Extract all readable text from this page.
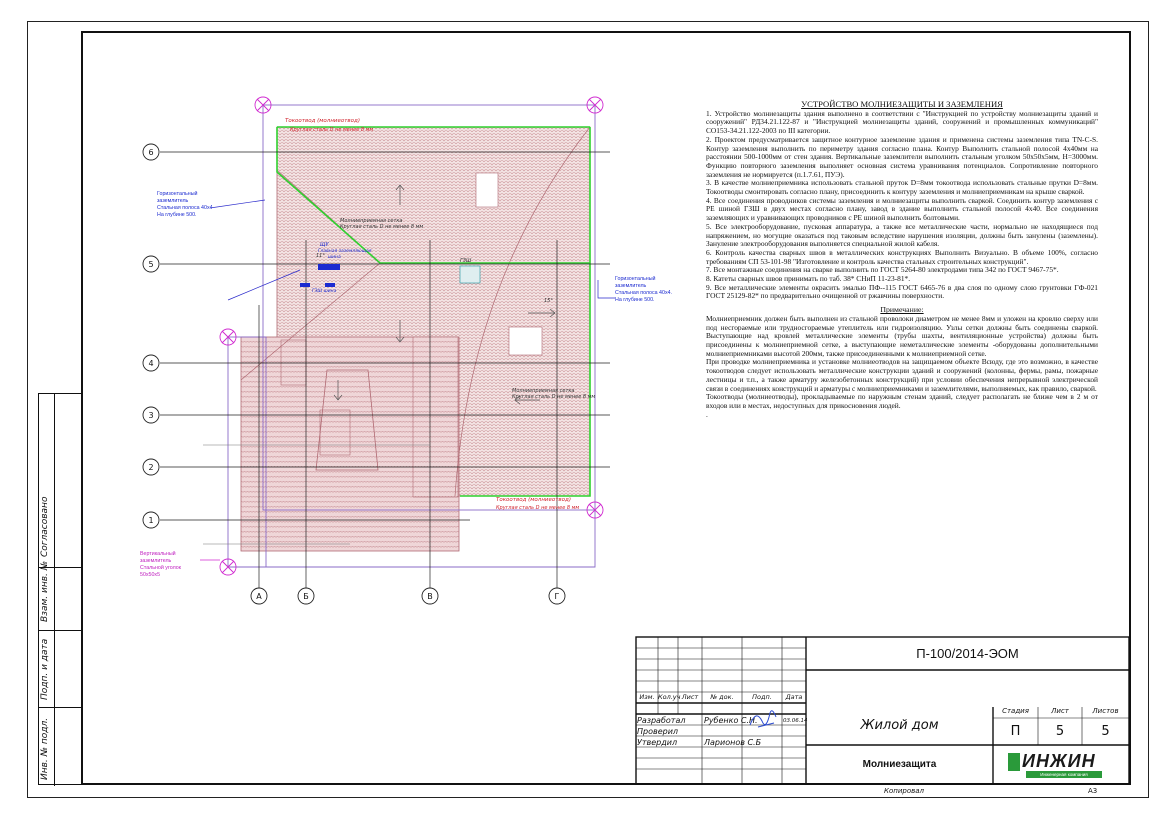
Согласовано
Взам. инв. №
Подп. и дата
Инв. № подл.
6
5
4
3
2
1
А	Б	В	Г
Токоотвод (молниеотвод)
Круглая сталь D не менее 8 мм
Молниеприемная сетка
Круглая сталь D не менее 8 мм
Молниеприемная сетка
Круглая сталь D не менее 8 мм
Токоотвод (молниеотвод)
Круглая сталь D не менее 8 мм
ЩУ
Главная заземляющая
шина
ГЗШ шина
ГЗШ
11°
15°
Горизонтальный
заземлитель
Стальная полоса 40х4
На глубине 500.
Горизонтальный
заземлитель
Стальная полоса 40х4.
На глубине 500.
Вертикальный
заземлитель
Стальной уголок
50х50х5
УСТРОЙСТВО МОЛНИЕЗАЩИТЫ И ЗАЗЕМЛЕНИЯ

1. Устройство молниезащиты здания выполнено в соответствии с "Инструкцией по устройству молниезащиты зданий и сооружений" РД34.21.122-87 и "Инструкцией молниезащиты зданий, сооружений и промышленных коммуникаций" СО153-34.21.122-2003 по III категории.

2. Проектом предусматривается защитное контурное заземление здания и применена системы заземления типа TN-C-S. Контур заземления выполнить по периметру здания согласно плана. Контур Выполнить стальной полосой 4х40мм на расстоянии 500-1000мм от стен здания. Вертикальные заземлители выполнить стальным уголком 50х50х5мм, Н=3000мм. Функцию повторного заземления выполняет основная система уравнивания потенциалов. Сопротивление повторного заземления не нормируется (п.1.7.61, ПУЭ).

3. В качестве молниеприемника использовать стальной пруток D=8мм токоотвода использовать стальные прутки D=8мм. Токоотводы смонтировать согласно плану, присоединить к контуру заземления и молниеприемникам на крыше сваркой.

4. Все соединения проводников системы заземления и молниезащиты выполнить сваркой. Соединить контур заземления с РЕ шиной ГЗШ в двух местах согласно плану, завод в здание выполнить стальной полосой 4х40. Все соединения заземляющих и уравнивающих проводников с РЕ шиной выполнить болтовыми.

5. Все электрооборудование, пусковая аппаратура, а также все металлические части, нормально не находящиеся под напряжением, но могущие оказаться под таковым вследствие нарушения изоляции, должны быть занулены (заземлены). Зануление электрооборудования выполняется специальной жилой кабеля.

6. Контроль качества сварных швов в металлических конструкциях Выполнить Визуально. В объеме 100%, согласно требованиям СП 53-101-98 "Изготовление и контроль качества стальных строительных конструкций".

7. Все монтажные соединения на сварке выполнить по ГОСТ 5264-80 электродами типа 342 по ГОСТ 9467-75*.

8. Катеты сварных швов принимать по таб. 38* СНиП 11-23-81*.

9. Все металлические элементы окрасить эмалью ПФ--115 ГОСТ 6465-76 в два слоя по одному слою грунтовки ГФ-021 ГОСТ 25129-82* по предварительно очищенной от ржавчины поверхности.

Примечание:

Молниеприемник должен быть выполнен из стальной проволоки диаметром не менее 8мм и уложен на кровлю сверху или под несгораемые или трудносгораемые утеплитель или гидроизоляцию. Узлы сетки должны быть соединены сваркой. Выступающие над кровлей металлические элементы (трубы шахты, вентиляционные устройства) должны быть присоединены к молниеприемной сетке, а выступающие неметаллические элементы -оборудованы дополнительными молниеприемниками высотой 200мм, также присоединенными к молниеприемной сетке.

При проводке молниеприемника и установке молниеотводов на защищаемом объекте Всюду, где это возможно, в качестве токоотводов следует использовать металлические конструкции зданий и сооружений (колонны, фермы, рамы, пожарные лестницы и т.п., а также арматуру железобетонных конструкций) при условии обеспечения непрерывной электрической связи в соединениях конструкций и арматуры с молниеприемниками и заземлителями, выполняемых, как правило, сваркой.

Токоотводы (молниеотводы), прокладываемые по наружным стенам зданий, следует располагать не ближе чем в 2 м от входов или в местах, недоступных для прикосновения людей.

.

Изм. Кол.уч Лист	№ док.	Подп.	Дата
Разработал	Рубенко С.Н.	03.06.14
Проверил
Утвердил	Ларионов С.Б
П-100/2014-ЭОМ
Жилой дом
Стадия	Лист	Листов
П	5	5
Молниезащита	ИНЖИН
Инженерная компания
Копировал	А3
